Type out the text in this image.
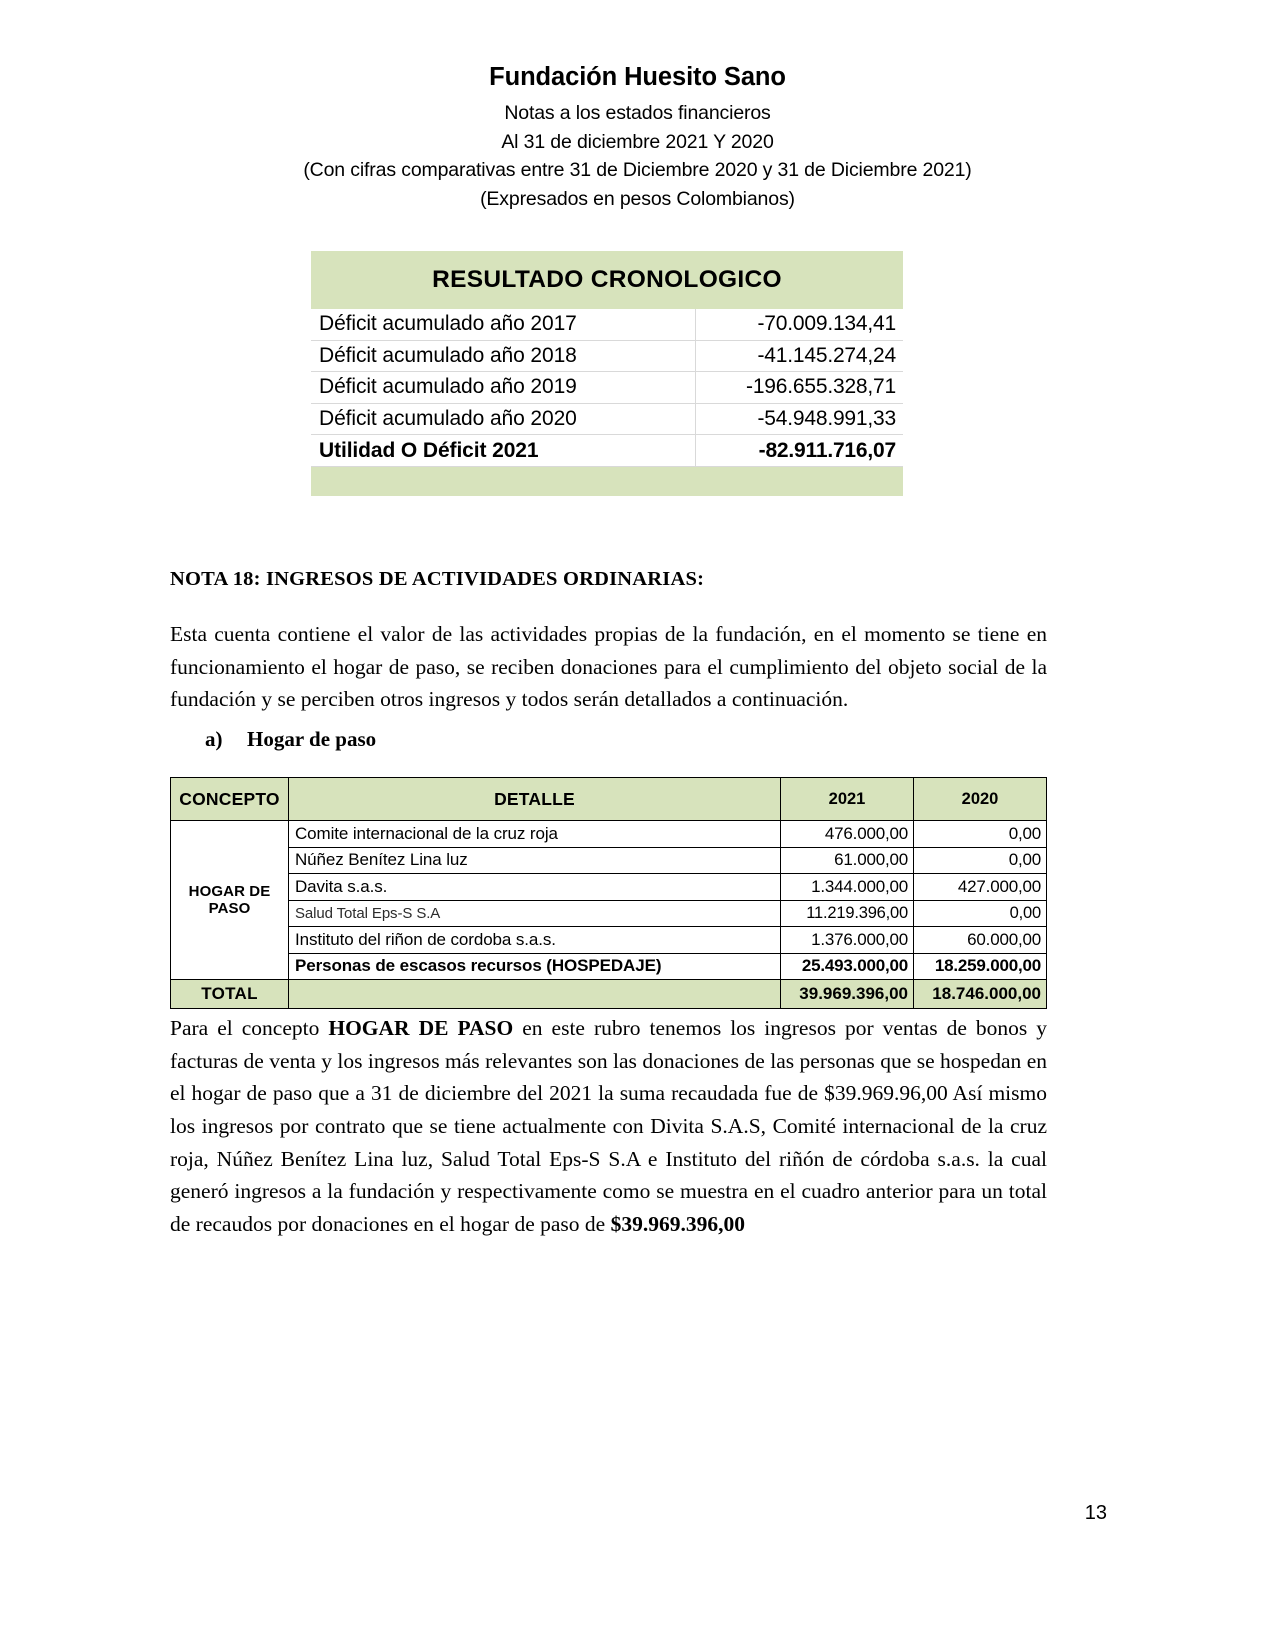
Fundación Huesito Sano
Notas a los estados financieros
Al 31 de diciembre 2021 Y 2020
(Con cifras comparativas entre 31 de Diciembre 2020 y 31 de Diciembre 2021)
(Expresados en pesos Colombianos)
RESULTADO CRONOLOGICO	
Déficit acumulado año 2017	-70.009.134,41
Déficit acumulado año 2018	-41.145.274,24
Déficit acumulado año 2019	-196.655.328,71
Déficit acumulado año 2020	-54.948.991,33
Utilidad O Déficit 2021	-82.911.716,07

NOTA 18: INGRESOS DE ACTIVIDADES ORDINARIAS:
Esta cuenta contiene el valor de las actividades propias de la fundación, en el momento se tiene en funcionamiento el hogar de paso, se reciben donaciones para el cumplimiento del objeto social de la fundación y se perciben otros ingresos y todos serán detallados a continuación.
a) Hogar de paso
CONCEPTO	DETALLE	2021	2020
HOGAR DE PASO	Comite internacional de la cruz roja	476.000,00	0,00
	Núñez Benítez Lina luz	61.000,00	0,00
	Davita s.a.s.	1.344.000,00	427.000,00
	Salud Total Eps-S S.A	11.219.396,00	0,00
	Instituto del riñon de cordoba s.a.s.	1.376.000,00	60.000,00
	Personas de escasos recursos (HOSPEDAJE)	25.493.000,00	18.259.000,00
TOTAL		39.969.396,00	18.746.000,00
Para el concepto HOGAR DE PASO en este rubro tenemos los ingresos por ventas de bonos y facturas de venta y los ingresos más relevantes son las donaciones de las personas que se hospedan en el hogar de paso que a 31 de diciembre del 2021 la suma recaudada fue de $39.969.96,00 Así mismo los ingresos por contrato que se tiene actualmente con Divita S.A.S, Comité internacional de la cruz roja, Núñez Benítez Lina luz, Salud Total Eps-S S.A e Instituto del riñón de córdoba s.a.s. la cual generó ingresos a la fundación y respectivamente como se muestra en el cuadro anterior para un total de recaudos por donaciones en el hogar de paso de $39.969.396,00
13
